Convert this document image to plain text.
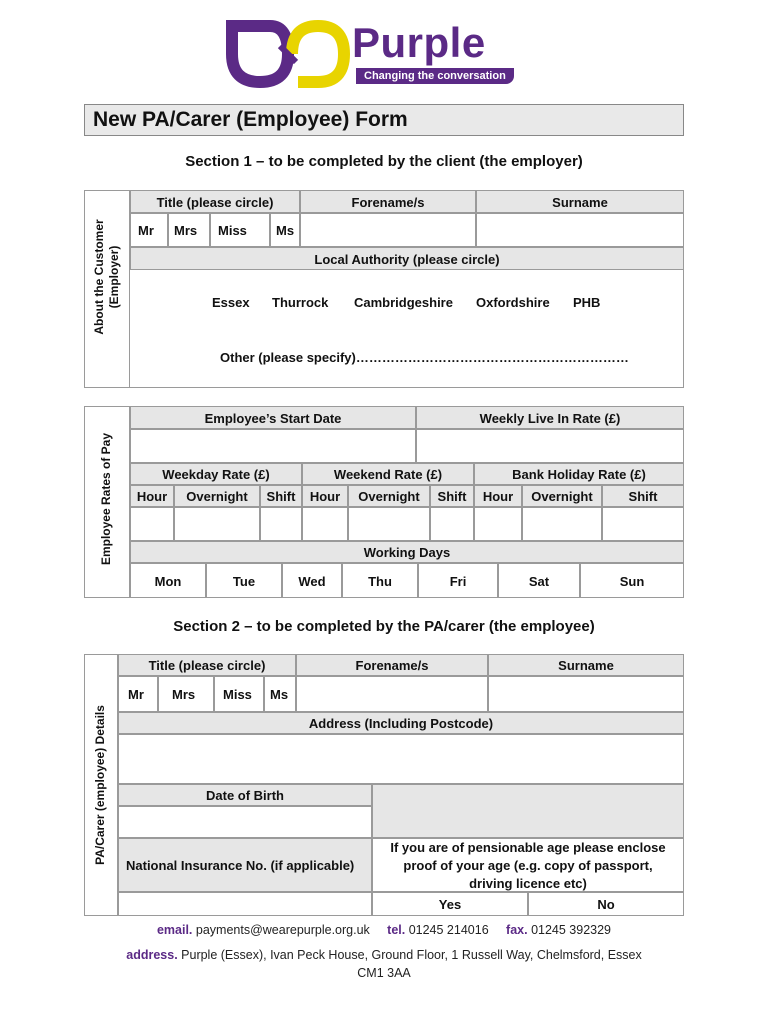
Purple
Changing the conversation
New PA/Carer (Employee) Form
Section 1 – to be completed by the client (the employer)
About the Customer (Employer)
Title (please circle)	Forename/s	Surname
Mr Mrs Miss Ms
Local Authority (please circle)
Essex Thurrock Cambridgeshire Oxfordshire PHB
Other (please specify)………………………………………………………
Employee Rates of Pay
Employee’s Start Date	Weekly Live In Rate (£)
Weekday Rate (£)	Weekend Rate (£)	Bank Holiday Rate (£)
Hour	Overnight	Shift	Hour	Overnight	Shift	Hour	Overnight	Shift
Working Days
Mon	Tue	Wed	Thu	Fri	Sat	Sun
Section 2 – to be completed by the PA/carer (the employee)
PA/Carer (employee) Details
Title (please circle)	Forename/s	Surname
Mr Mrs Miss Ms
Address (Including Postcode)
Date of Birth
National Insurance No. (if applicable)
If you are of pensionable age please enclose
proof of your age (e.g. copy of passport,
driving licence etc)
Yes	No
email. payments@wearepurple.org.uk tel. 01245 214016 fax. 01245 392329
address. Purple (Essex), Ivan Peck House, Ground Floor, 1 Russell Way, Chelmsford, Essex
CM1 3AA
